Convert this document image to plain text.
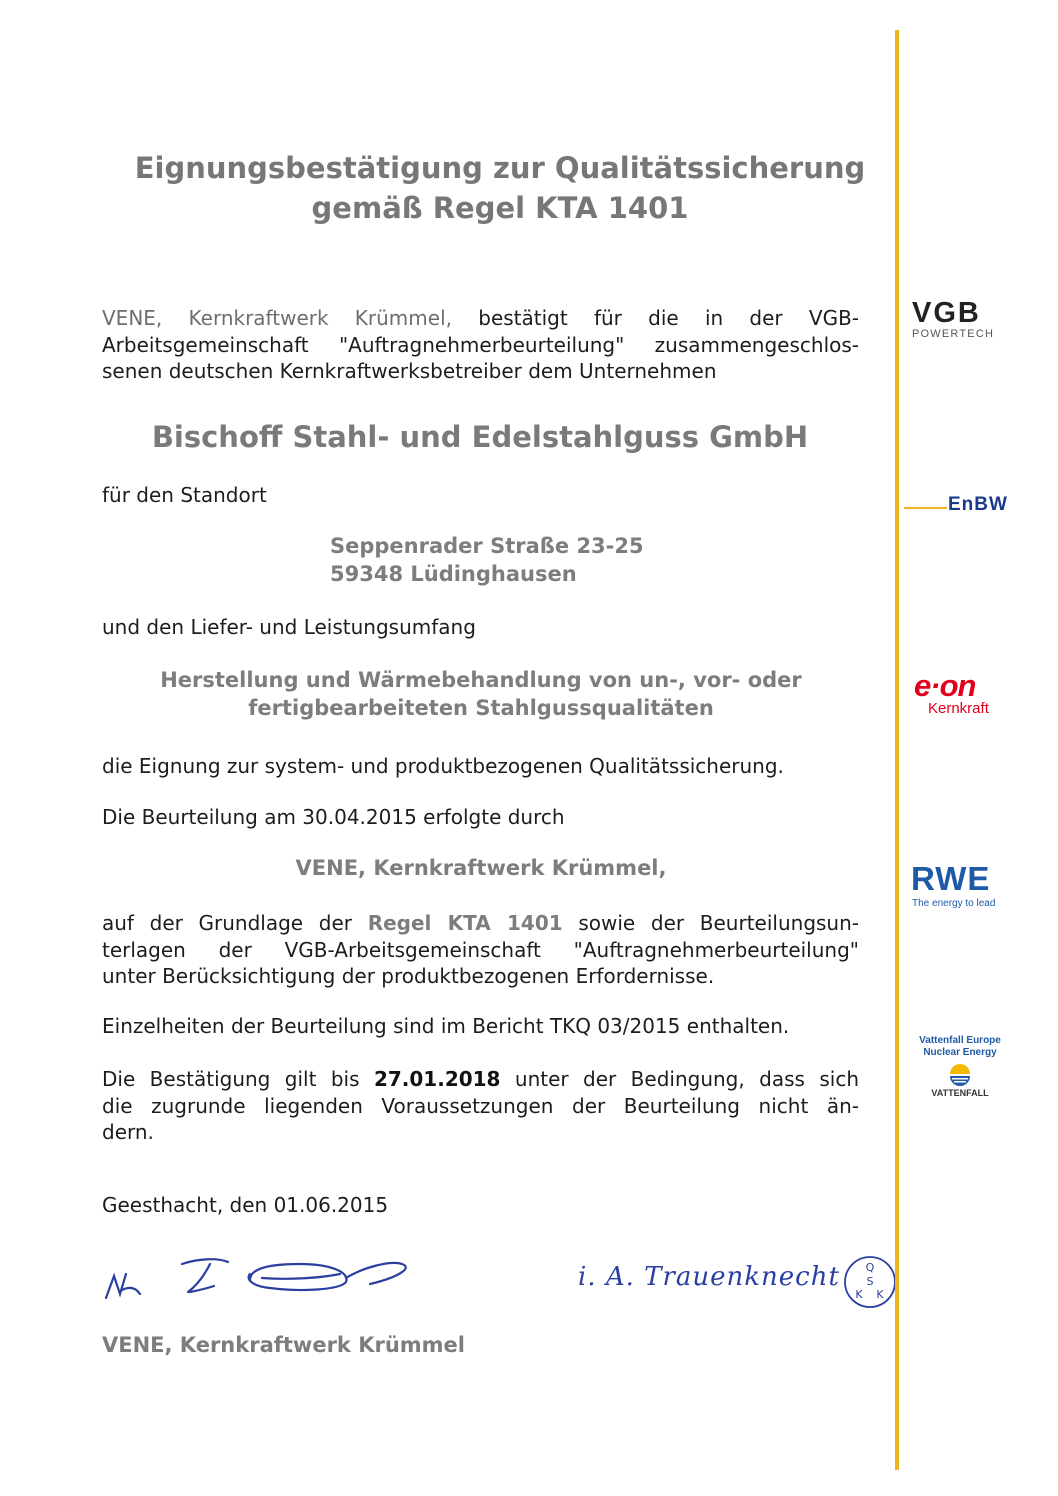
Eignungsbestätigung zur Qualitätssicherung
gemäß Regel KTA 1401
VENE, Kernkraftwerk Krümmel, bestätigt für die in der VGB-
Arbeitsgemeinschaft "Auftragnehmerbeurteilung" zusammengeschlos-
senen deutschen Kernkraftwerksbetreiber dem Unternehmen
Bischoff Stahl- und Edelstahlguss GmbH
für den Standort
Seppenrader Straße 23-25
59348 Lüdinghausen
und den Liefer- und Leistungsumfang
Herstellung und Wärmebehandlung von un-, vor- oder
fertigbearbeiteten Stahlgussqualitäten
die Eignung zur system- und produktbezogenen Qualitätssicherung.
Die Beurteilung am 30.04.2015 erfolgte durch
VENE, Kernkraftwerk Krümmel,
auf der Grundlage der Regel KTA 1401 sowie der Beurteilungsun-
terlagen der VGB-Arbeitsgemeinschaft "Auftragnehmerbeurteilung"
unter Berücksichtigung der produktbezogenen Erfordernisse.
Einzelheiten der Beurteilung sind im Bericht TKQ 03/2015 enthalten.
Die Bestätigung gilt bis 27.01.2018 unter der Bedingung, dass sich
die zugrunde liegenden Voraussetzungen der Beurteilung nicht än-
dern.
Geesthacht, den 01.06.2015
i. A. Trauenknecht Q
S
K K
VENE, Kernkraftwerk Krümmel
VGB
POWERTECH
EnBW
e·on
Kernkraft
RWE
The energy to lead
Vattenfall Europe
Nuclear Energy
VATTENFALL
